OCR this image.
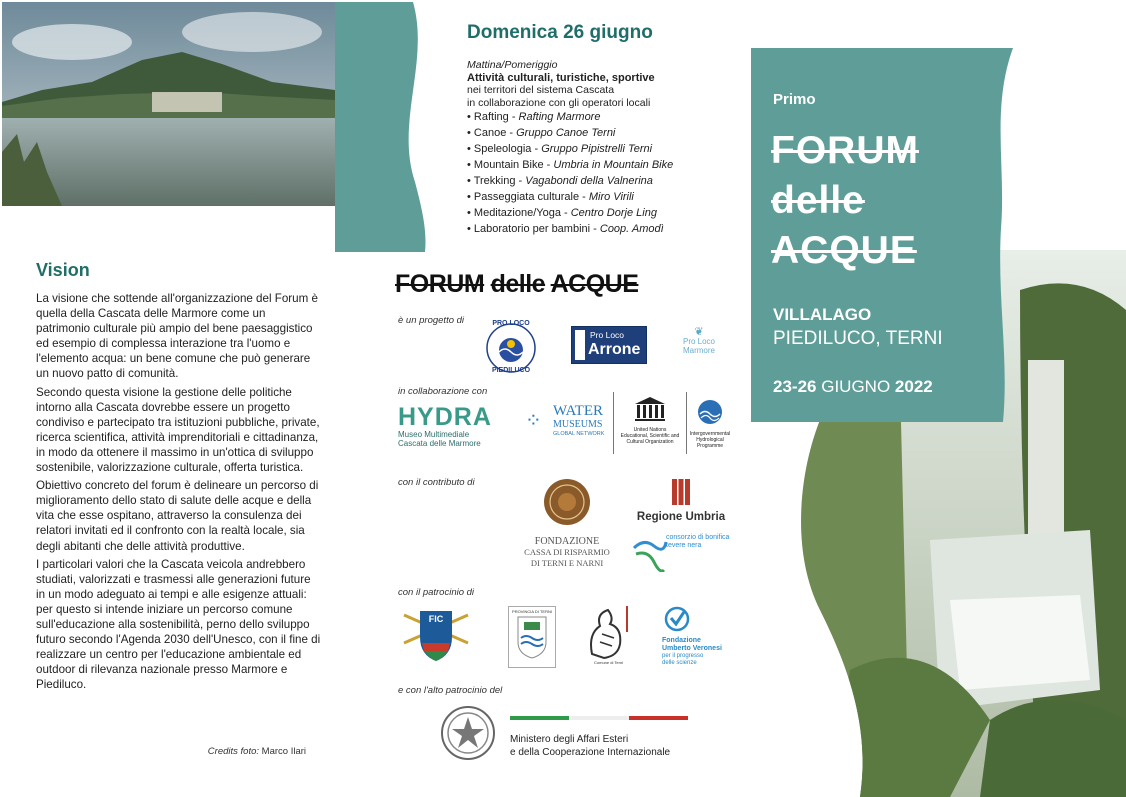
Vision

La visione che sottende all'organizzazione del Forum è quella della Cascata delle Marmore come un patrimonio culturale più ampio del bene paesaggistico ed esempio di complessa interazione tra l'uomo e l'elemento acqua: un bene comune che può generare un nuovo patto di comunità.

Secondo questa visione la gestione delle politiche intorno alla Cascata dovrebbe essere un progetto condiviso e partecipato tra istituzioni pubbliche, private, ricerca scientifica, attività imprenditoriali e cittadinanza, in modo da ottenere il massimo in un'ottica di sviluppo sostenibile, valorizzazione culturale, offerta turistica.

Obiettivo concreto del forum è delineare un percorso di miglioramento dello stato di salute delle acque e della vita che esse ospitano, attraverso la consulenza dei relatori invitati ed il confronto con la realtà locale, sia degli abitanti che delle attività produttive.

I particolari valori che la Cascata veicola andrebbero studiati, valorizzati e trasmessi alle generazioni future in un modo adeguato ai tempi e alle esigenze attuali: per questo si intende iniziare un percorso comune sull'educazione alla sostenibilità, perno dello sviluppo futuro secondo l'Agenda 2030 dell'Unesco, con il fine di realizzare un centro per l'educazione ambientale ed outdoor di rilevanza nazionale presso Marmore e Piediluco.

Credits foto: Marco Ilari
Domenica 26 giugno
Mattina/Pomeriggio
Attività culturali, turistiche, sportive
nei territori del sistema Cascata
in collaborazione con gli operatori locali
• Rafting - Rafting Marmore
• Canoe - Gruppo Canoe Terni
• Speleologia - Gruppo Pipistrelli Terni
• Mountain Bike - Umbria in Mountain Bike
• Trekking - Vagabondi della Valnerina
• Passeggiata culturale - Miro Virili
• Meditazione/Yoga - Centro Dorje Ling
• Laboratorio per bambini - Coop. Amodì
FORUM delle ACQUE
è un progetto di	PRO LOCO
PIEDILUCO
Pro Loco
Arrone
❦
Pro Loco
Marmore
in collaborazione con
HYDRA
Museo Multimediale
Cascata delle Marmore
⁘ WATER
MUSEUMS
GLOBAL NETWORK
United Nations
Educational, Scientific and
Cultural Organization
Intergovernmental
Hydrological
Programme
con il contributo di
FONDAZIONE
CASSA DI RISPARMIO
DI TERNI E NARNI
Regione Umbria
consorzio di bonifica
tevere nera
con il patrocinio di
FIC
PROVINCIA DI TERNI
Comune di Terni
Fondazione
Umberto Veronesi
per il progresso
delle scienze
e con l'alto patrocinio del
Ministero degli Affari Esteri
e della Cooperazione Internazionale
Primo
FORUM
delle
ACQUE
VILLALAGO
PIEDILUCO, TERNI
23-26 GIUGNO 2022
